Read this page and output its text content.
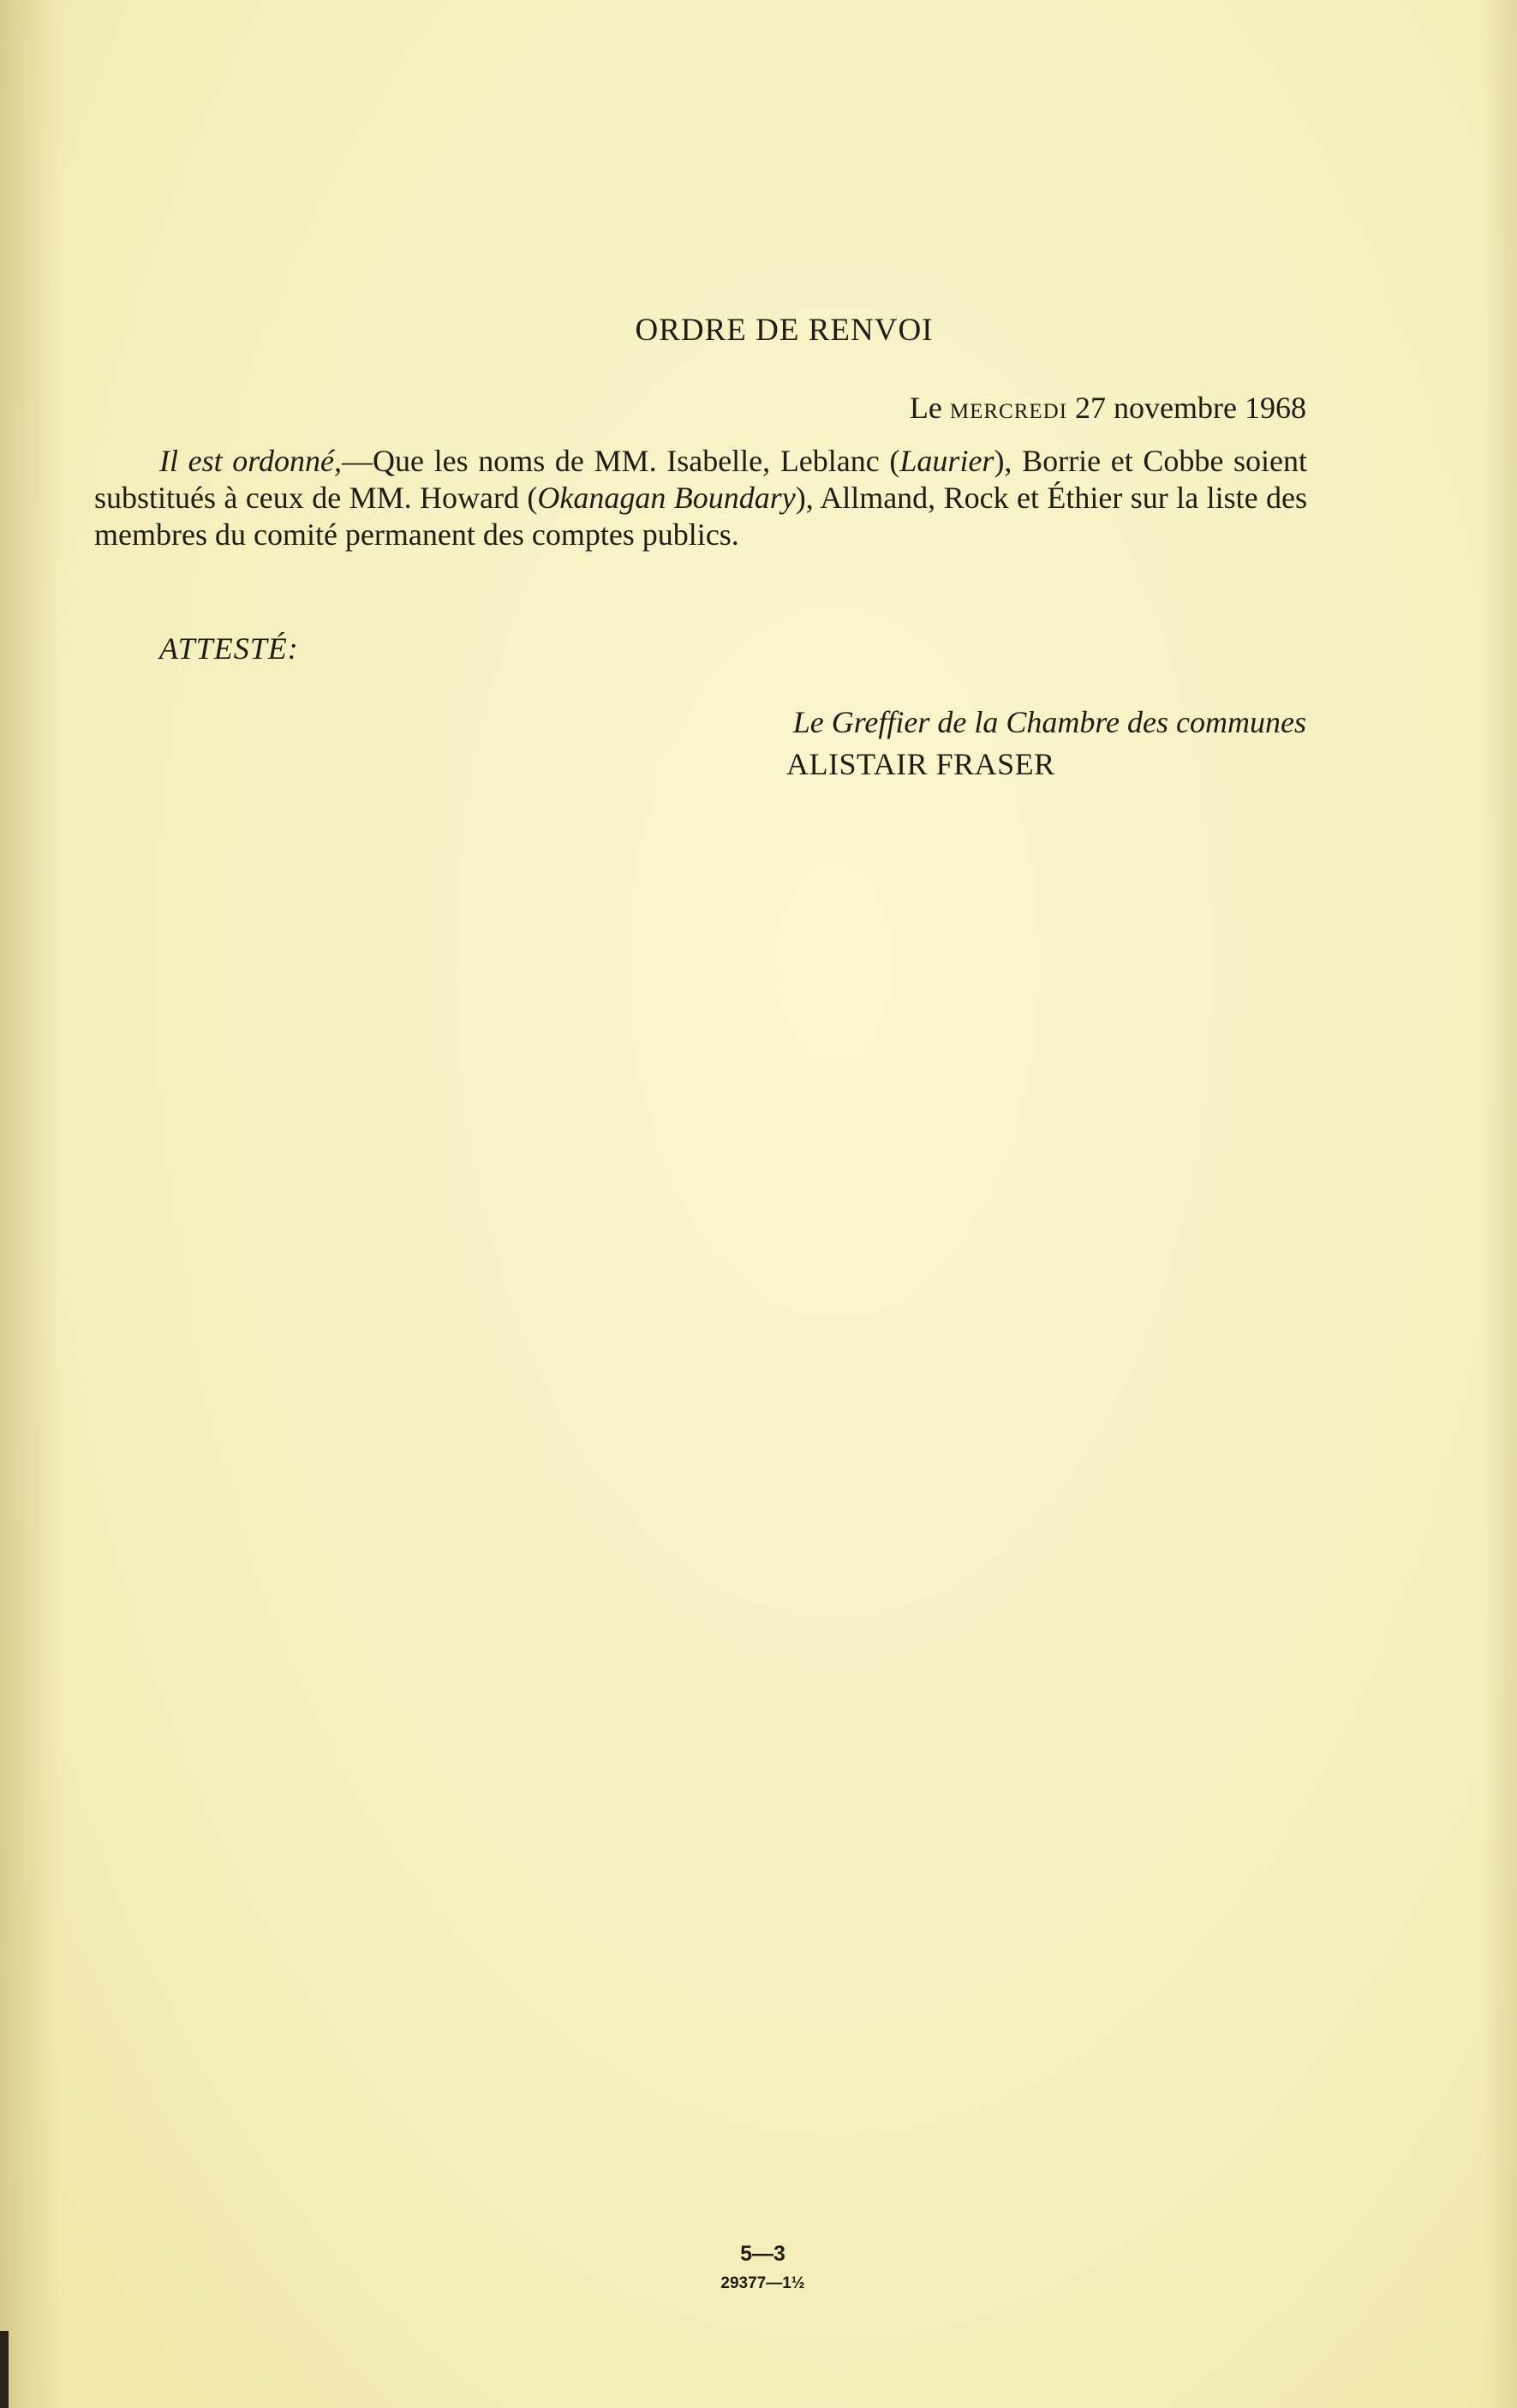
ORDRE DE RENVOI
Le mercredi 27 novembre 1968
Il est ordonné,—Que les noms de MM. Isabelle, Leblanc (Laurier), Borrie et Cobbe soient substitués à ceux de MM. Howard (Okanagan Boundary), Allmand, Rock et Éthier sur la liste des membres du comité permanent des comptes publics.
ATTESTÉ:
Le Greffier de la Chambre des communes
ALISTAIR FRASER
5—3
29377—1½
